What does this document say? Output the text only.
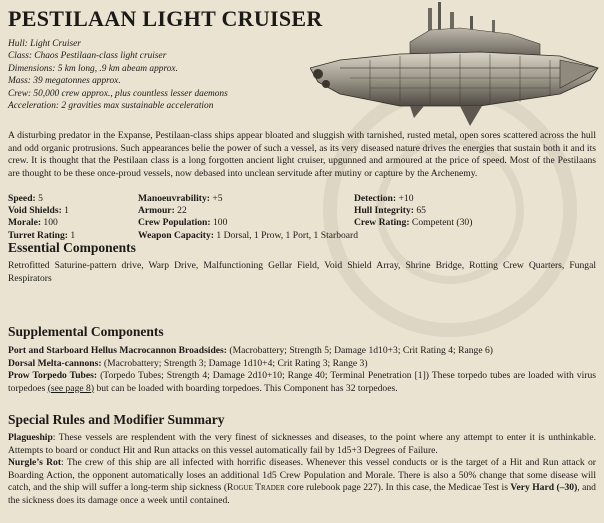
PESTILAAN LIGHT CRUISER
Hull: Light Cruiser
Class: Chaos Pestilaan-class light cruiser
Dimensions: 5 km long, .9 km abeam approx.
Mass: 39 megatonnes approx.
Crew: 50,000 crew approx., plus countless lesser daemons
Acceleration: 2 gravities max sustainable acceleration
A disturbing predator in the Expanse, Pestilaan-class ships appear bloated and sluggish with tarnished, rusted metal, open sores scattered across the hull and odd organic protrusions. Such appearances belie the power of such a vessel, as its very diseased nature drives the energies that sustain both it and its crew. It is thought that the Pestilaan class is a long forgotten ancient light cruiser, upgunned and armoured at the price of speed. Most of the Pestilaans are thought to be these once-proud vessels, now debased into unclean servitude after mutiny or capture by the Archenemy.
Speed: 5	Manoeuvrability: +5	Detection: +10
Void Shields: 1	Armour: 22	Hull Integrity: 65
Morale: 100	Crew Population: 100	Crew Rating: Competent (30)
Turret Rating: 1	Weapon Capacity: 1 Dorsal, 1 Prow, 1 Port, 1 Starboard
Essential Components
Retrofitted Saturine-pattern drive, Warp Drive, Malfunctioning Gellar Field, Void Shield Array, Shrine Bridge, Rotting Crew Quarters, Fungal Respirators
Supplemental Components

Port and Starboard Hellus Macrocannon Broadsides: (Macrobattery; Strength 5; Damage 1d10+3; Crit Rating 4; Range 6)

Dorsal Melta-cannons: (Macrobattery; Strength 3; Damage 1d10+4; Crit Rating 3; Range 3)

Prow Torpedo Tubes: (Torpedo Tubes; Strength 4; Damage 2d10+10; Range 40; Terminal Penetration [1]) These torpedo tubes are loaded with virus torpedoes (see page 8) but can be loaded with boarding torpedoes. This Component has 32 torpedoes.

Special Rules and Modifier Summary

Plagueship: These vessels are resplendent with the very finest of sicknesses and diseases, to the point where any attempt to enter it is unthinkable. Attempts to board or conduct Hit and Run attacks on this vessel automatically fail by 1d5+3 Degrees of Failure.

Nurgle’s Rot: The crew of this ship are all infected with horrific diseases. Whenever this vessel conducts or is the target of a Hit and Run attack or Boarding Action, the opponent automatically loses an additional 1d5 Crew Population and Morale. There is also a 50% change that some disease will catch, and the ship will suffer a long-term ship sickness (Rogue Trader core rulebook page 227). In this case, the Medicae Test is Very Hard (–30), and the sickness does its damage once a week until contained.
